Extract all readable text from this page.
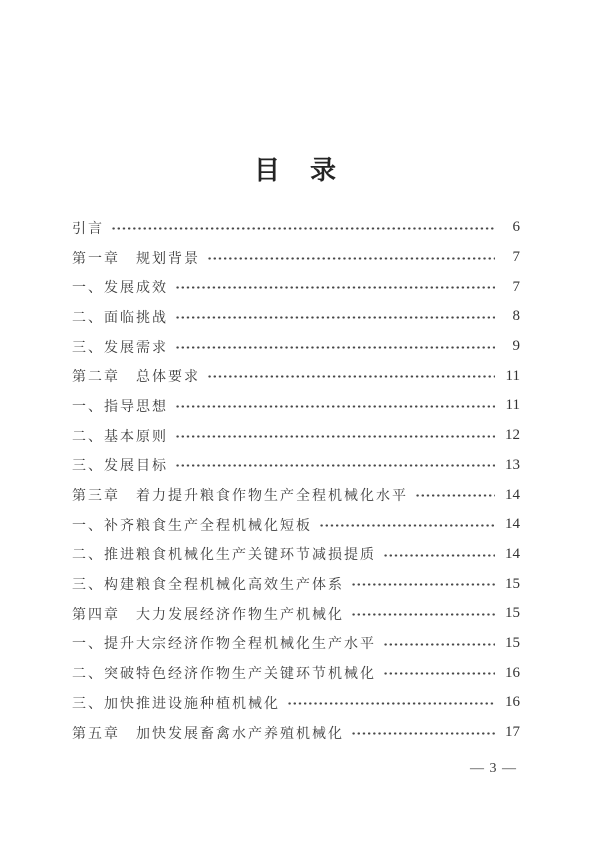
目　录
引言	6
第一章　规划背景	7
一、发展成效	7
二、面临挑战	8
三、发展需求	9
第二章　总体要求	11
一、指导思想	11
二、基本原则	12
三、发展目标	13
第三章　着力提升粮食作物生产全程机械化水平	14
一、补齐粮食生产全程机械化短板	14
二、推进粮食机械化生产关键环节减损提质	14
三、构建粮食全程机械化高效生产体系	15
第四章　大力发展经济作物生产机械化	15
一、提升大宗经济作物全程机械化生产水平	15
二、突破特色经济作物生产关键环节机械化	16
三、加快推进设施种植机械化	16
第五章　加快发展畜禽水产养殖机械化	17
— 3 —
